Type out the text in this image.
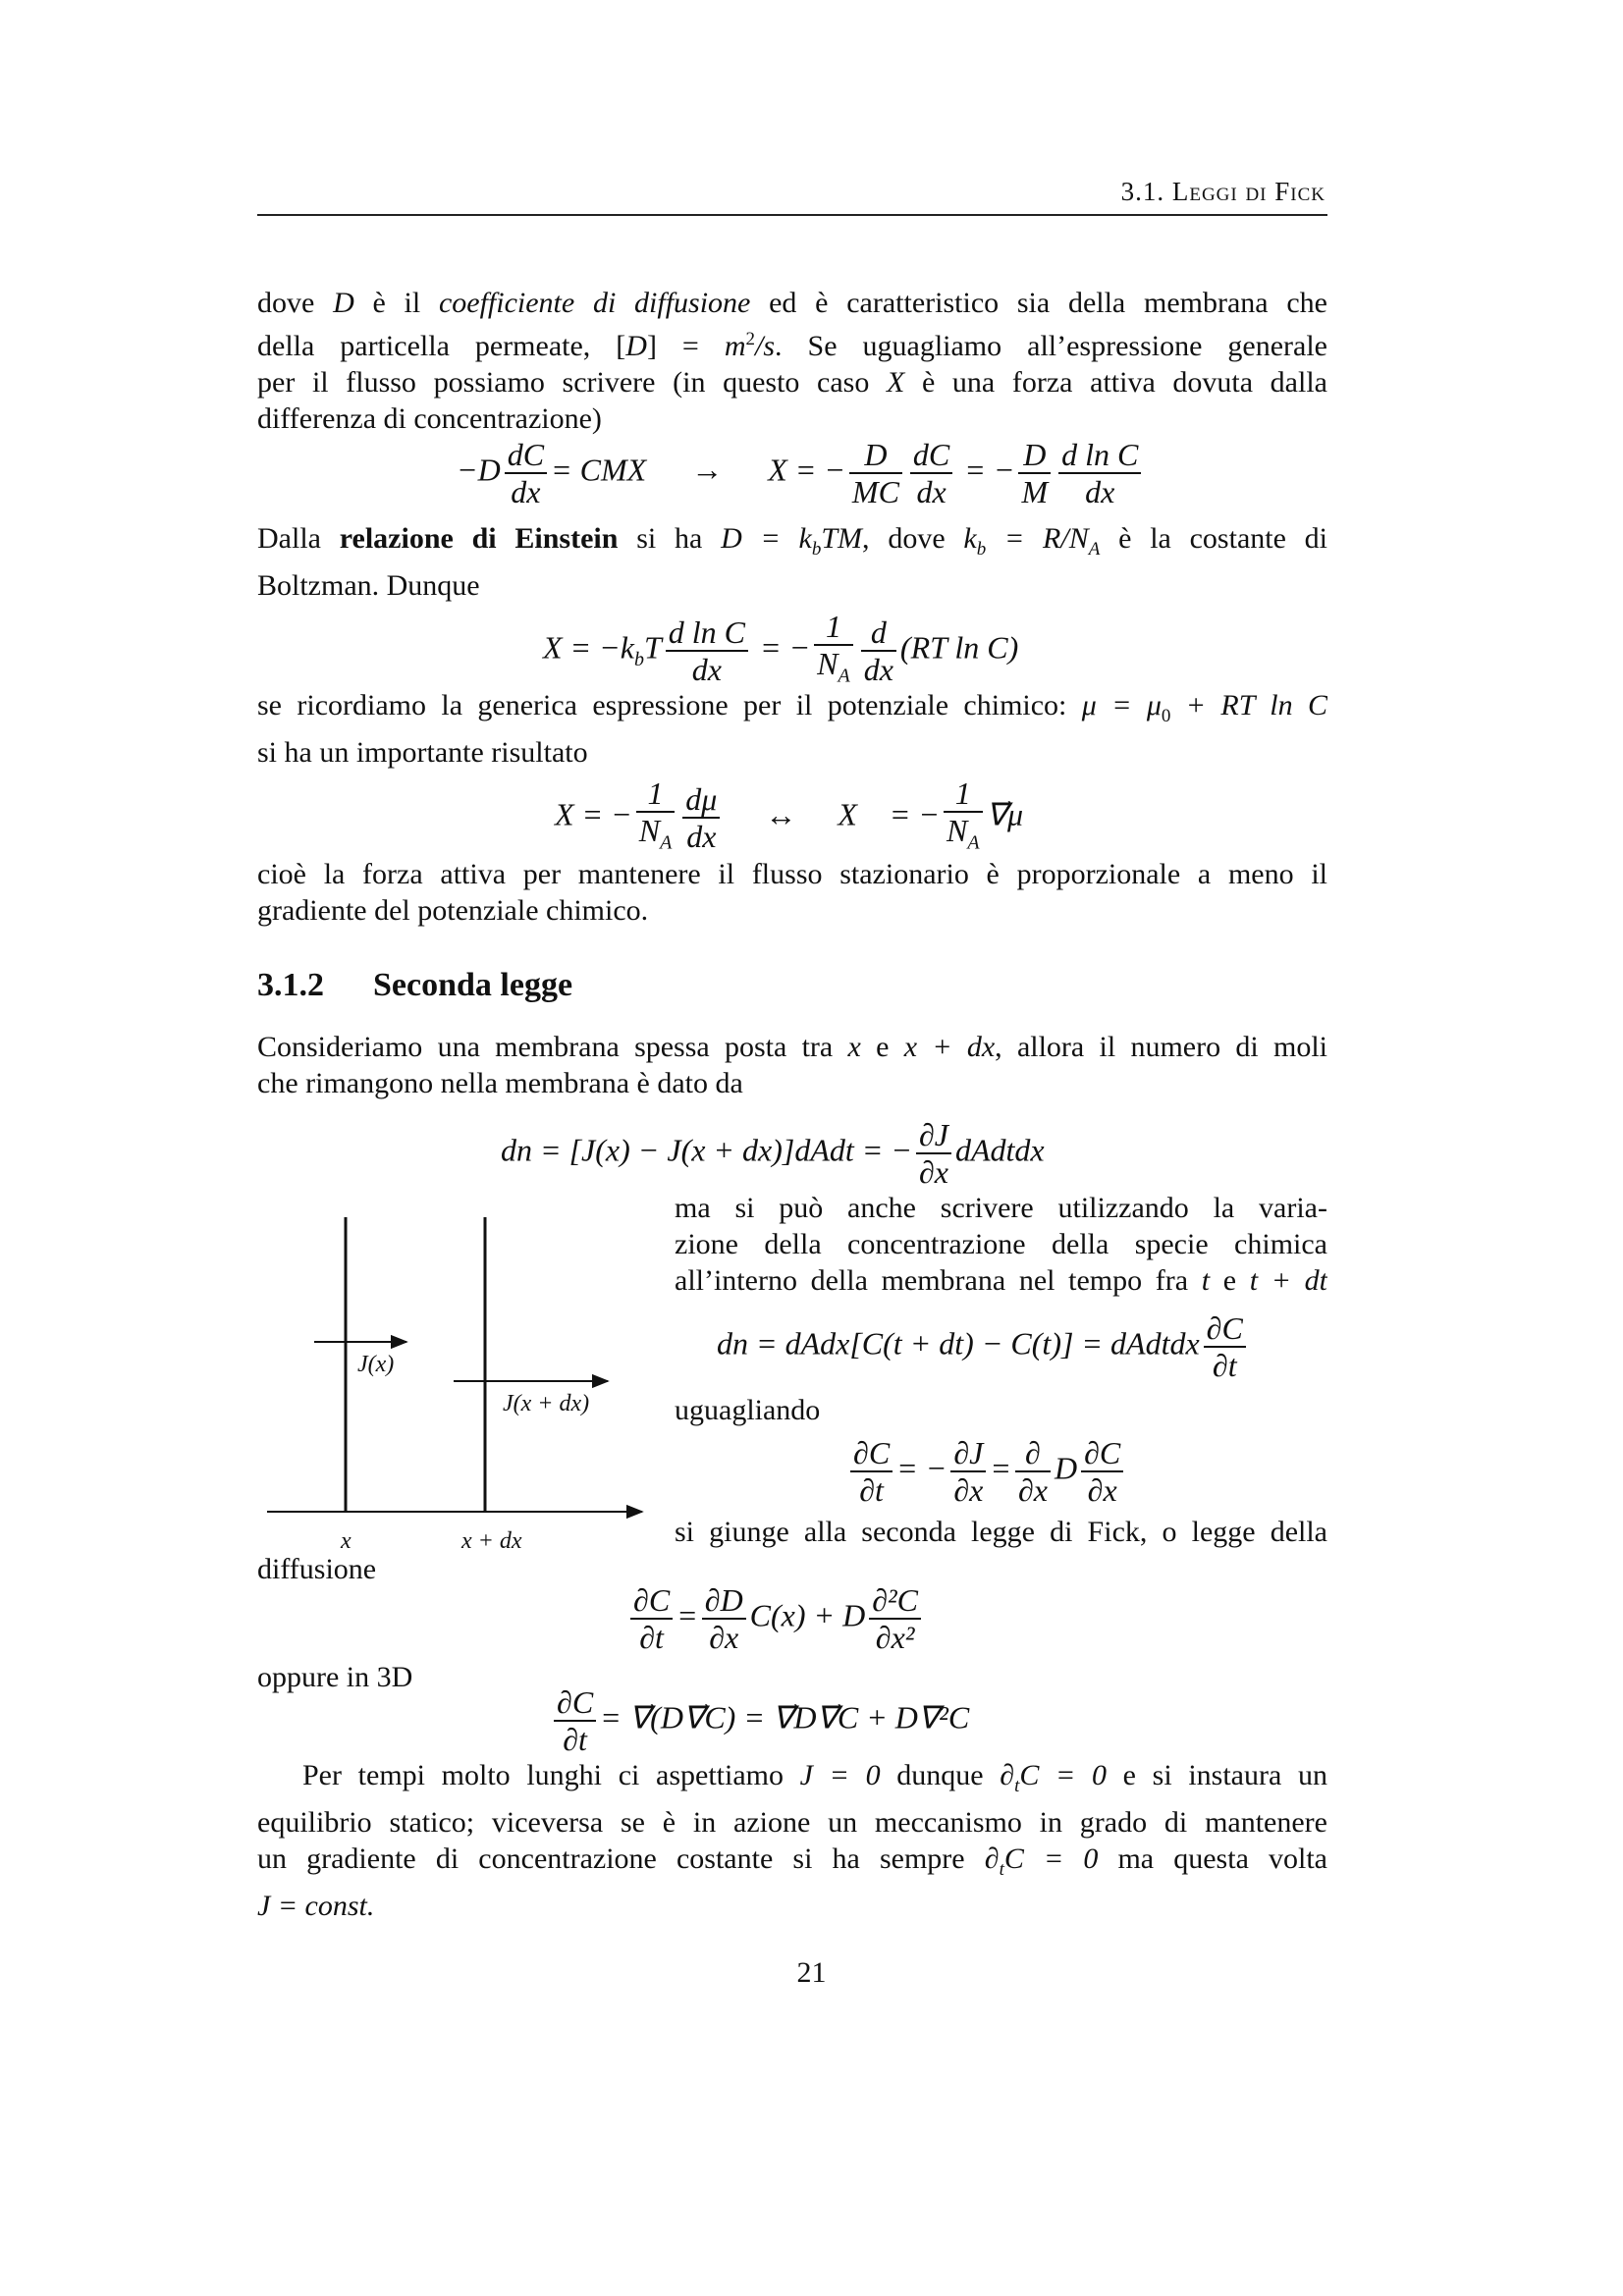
3.1. Leggi di Fick
dove D è il coefficiente di diffusione ed è caratteristico sia della membrana che
della particella permeate, $[D] = m^2/s$. Se uguagliamo all’espressione generale
per il flusso possiamo scrivere (in questo caso X è una forza attiva dovuta dalla
differenza di concentrazione)
$-D \frac{dC}{dx}$ = CMX → X = − $\frac{D}{MC} \frac{dC}{dx}$ = − $\frac{D}{M} \frac{\text{d ln C}}{dx}$
Dalla relazione di Einstein si ha $D = k_bTM$, dove $k_b = R/N_A$ è la costante di
Boltzman. Dunque
$X = -k_bT \frac{\text{d ln C}}{dx}$ = − $\frac{1}{N_A} \frac{d}{dx} (RT$ ln C)
se ricordiamo la generica espressione per il potenziale chimico: $\mu = \mu_0$ + RT ln C
si ha un importante risultato
X = − $\frac{1}{N_A} \frac{d\mu}{dx}$ ↔ X⃗ = − $\frac{1}{N_A}$ ∇⃗μ
cioè la forza attiva per mantenere il flusso stazionario è proporzionale a meno il
gradiente del potenziale chimico.
3.1.2 Seconda legge
Consideriamo una membrana spessa posta tra x e x + dx, allora il numero di moli
che rimangono nella membrana è dato da
dn = [J(x) − J(x + dx)]dAdt = − $\frac{\partial J}{\partial x}$ dAdtdx
ma si può anche scrivere utilizzando la varia-
zione della concentrazione della specie chimica
all’interno della membrana nel tempo fra t e t + dt
dn = dAdx[C(t + dt) − C(t)] = dAdtdx $\frac{\partial C}{\partial t}$
uguagliando
$\frac{\partial C}{\partial t}$ = − $\frac{\partial J}{\partial x} = \frac{\partial}{\partial x}$ D $\frac{\partial C}{\partial x}$
si giunge alla seconda legge di Fick, o legge della
diffusione
J(x)
J(x + dx)
x	x + dx
$\frac{\partial C}{\partial t} = \frac{\partial D}{\partial x} C(x) + D \frac{\text{∂²C}}{\text{∂x²}}$
oppure in 3D
$\frac{\partial C}{\partial t}$ = ∇⃗(D∇⃗C) = ∇⃗D∇⃗C + D∇²C
Per tempi molto lunghi ci aspettiamo J = 0 dunque $\partial_tC = 0$ e si instaura un
equilibrio statico; viceversa se è in azione un meccanismo in grado di mantenere
un gradiente di concentrazione costante si ha sempre $\partial_tC = 0$ ma questa volta
J = const.
21
